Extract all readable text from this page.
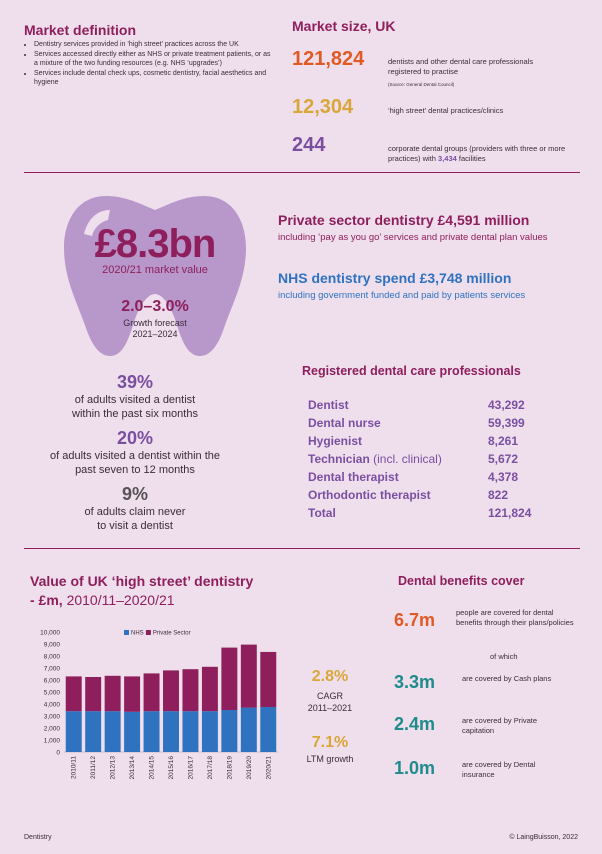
Market definition
• Dentistry services provided in ‘high street’ practices across the UK
• Services accessed directly either as NHS or private treatment patients, or as a mixture of the two funding resources (e.g. NHS ‘upgrades’)
• Services include dental check ups, cosmetic dentistry, facial aesthetics and hygiene
Market size, UK
121,824	dentists and other dental care professionals registered to practise
(Source: General Dental Council)
12,304	‘high street’ dental practices/clinics
244	corporate dental groups (providers with three or more practices) with 3,434 facilities
£8.3bn
2020/21 market value
2.0–3.0%
Growth forecast
2021–2024
Private sector dentistry £4,591 million
including ‘pay as you go’ services and private dental plan values
NHS dentistry spend £3,748 million
including government funded and paid by patients services
39%
of adults visited a dentist
within the past six months
20%
of adults visited a dentist within the
past seven to 12 months
9%
of adults claim never
to visit a dentist
Registered dental care professionals
Dentist	43,292
Dental nurse	59,399
Hygienist	8,261
Technician (incl. clinical)	5,672
Dental therapist	4,378
Orthodontic therapist	822
Total	121,824
Value of UK ‘high street’ dentistry
- £m, 2010/11–2020/21
10,000
9,000
8,000
7,000
6,000
5,000
4,000
3,000
2,000
1,000
0
2010/11 2011/12 2012/13 2013/14 2014/15 2015/16 2016/17 2017/18 2018/19 2019/20 2020/21
NHS Private Sector
2.8%
CAGR
2011–2021
7.1%
LTM growth
Dental benefits cover
6.7m	people are covered for dental benefits through their plans/policies
of which
3.3m	are covered by Cash plans
2.4m	are covered by Private capitation
1.0m	are covered by Dental insurance
Dentistry	© LaingBuisson, 2022
